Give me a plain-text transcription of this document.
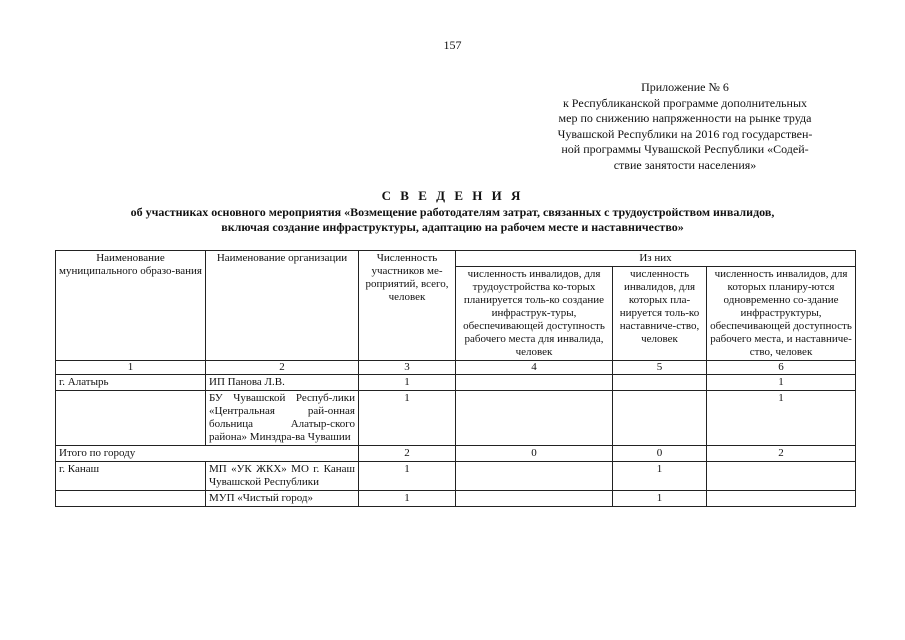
157
Приложение № 6
к Республиканской программе дополнительных
мер по снижению напряженности на рынке труда
Чувашской Республики на 2016 год государствен-
ной программы Чувашской Республики «Содей-
ствие занятости населения»
С В Е Д Е Н И Я
об участниках основного мероприятия «Возмещение работодателям затрат, связанных с трудоустройством инвалидов,
включая создание инфраструктуры, адаптацию на рабочем месте и наставничество»
Наименование муниципального образо-вания	Наименование организации	Численность участников ме-роприятий, всего, человек	Из них		
			численность инвалидов, для трудоустройства ко-торых планируется толь-ко создание инфраструк-туры, обеспечивающей доступность рабочего места для инвалида, человек	численность инвалидов, для которых пла-нируется толь-ко наставниче-ство, человек	численность инвалидов, для которых планиру-ются одновременно со-здание инфраструктуры, обеспечивающей доступность рабочего места, и наставниче-ство, человек
1	2	3	4	5	6
г. Алатырь	ИП Панова Л.В.	1			1
	БУ Чувашской Респуб-лики «Центральная рай-онная больница Алатыр-ского района» Минздра-ва Чувашии	1			1
Итого по городу		2	0	0	2
г. Канаш	МП «УК ЖКХ» МО г. Канаш Чувашской Республики	1		1	
	МУП «Чистый город»	1		1	
